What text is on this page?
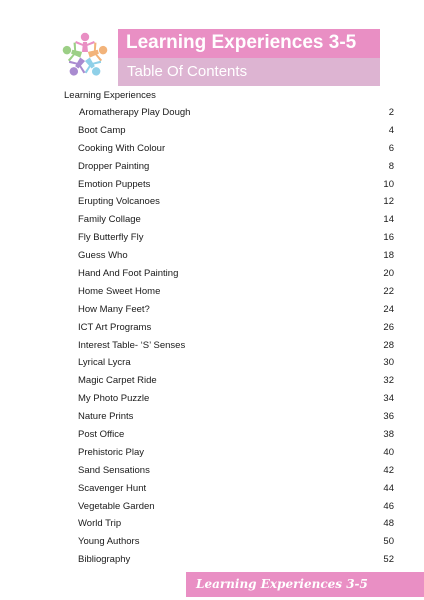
Learning Experiences 3-5
Table Of Contents
Learning Experiences
Aromatherapy Play Dough	2
Boot Camp	4
Cooking With Colour	6
Dropper Painting	8
Emotion Puppets	10
Erupting Volcanoes	12
Family Collage	14
Fly Butterfly Fly	16
Guess Who	18
Hand And Foot Painting	20
Home Sweet Home	22
How Many Feet?	24
ICT Art Programs	26
Interest Table- ‘S’ Senses	28
Lyrical Lycra	30
Magic Carpet Ride	32
My Photo Puzzle	34
Nature Prints	36
Post Office	38
Prehistoric Play	40
Sand Sensations	42
Scavenger Hunt	44
Vegetable Garden	46
World Trip	48
Young Authors	50
Bibliography	52
Learning Experiences 3-5
